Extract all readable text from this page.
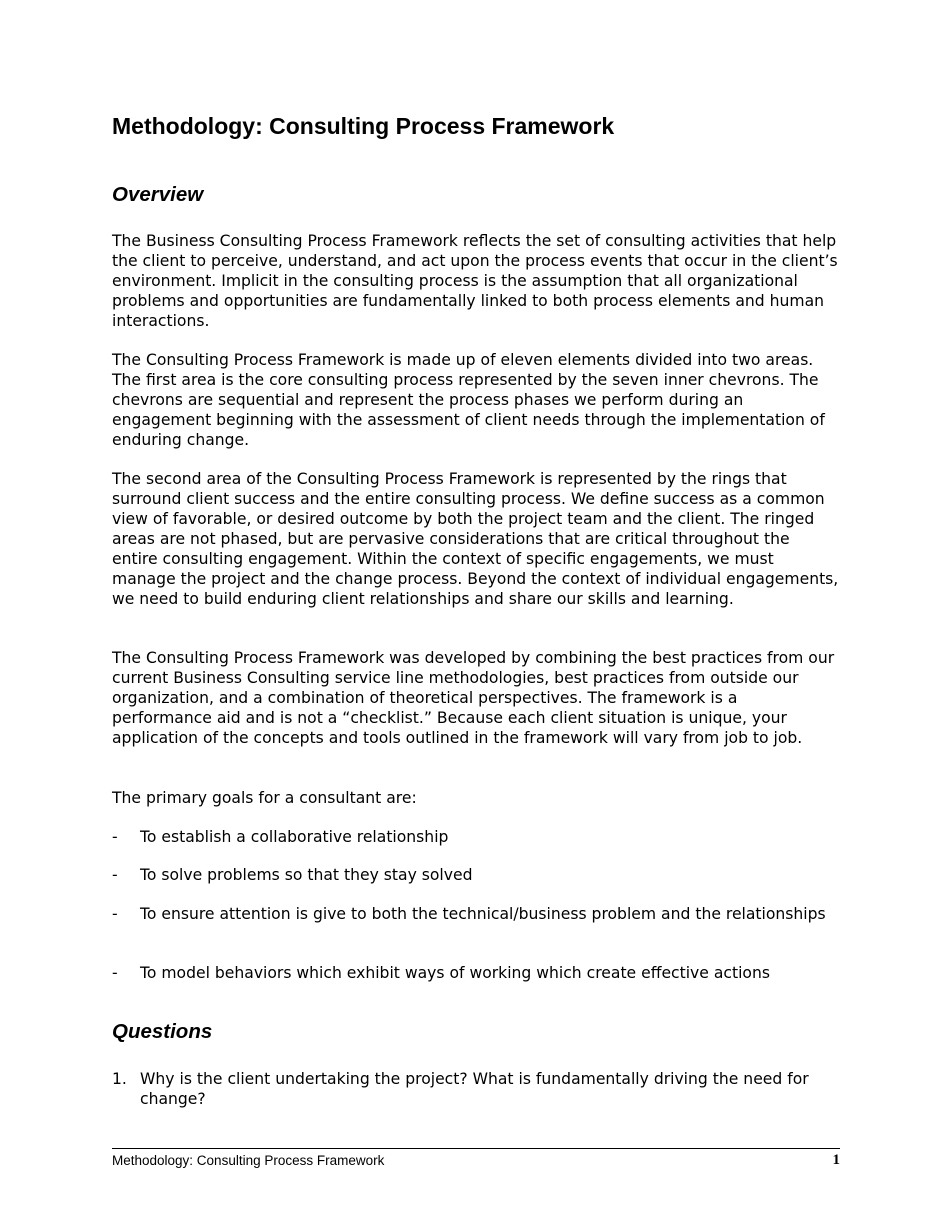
Methodology: Consulting Process Framework
Overview

The Business Consulting Process Framework reflects the set of consulting activities that help the client to perceive, understand, and act upon the process events that occur in the client’s environment. Implicit in the consulting process is the assumption that all organizational problems and opportunities are fundamentally linked to both process elements and human interactions.

The Consulting Process Framework is made up of eleven elements divided into two areas. The first area is the core consulting process represented by the seven inner chevrons. The chevrons are sequential and represent the process phases we perform during an engagement beginning with the assessment of client needs through the implementation of enduring change.

The second area of the Consulting Process Framework is represented by the rings that surround client success and the entire consulting process. We define success as a common view of favorable, or desired outcome by both the project team and the client. The ringed areas are not phased, but are pervasive considerations that are critical throughout the entire consulting engagement. Within the context of specific engagements, we must manage the project and the change process. Beyond the context of individual engagements, we need to build enduring client relationships and share our skills and learning.

The Consulting Process Framework was developed by combining the best practices from our current Business Consulting service line methodologies, best practices from outside our organization, and a combination of theoretical perspectives. The framework is a performance aid and is not a “checklist.” Because each client situation is unique, your application of the concepts and tools outlined in the framework will vary from job to job.

The primary goals for a consultant are:

- To establish a collaborative relationship
- To solve problems so that they stay solved
- To ensure attention is give to both the technical/business problem and the relationships
- To model behaviors which exhibit ways of working which create effective actions
Questions
1. Why is the client undertaking the project? What is fundamentally driving the need for change?
Methodology: Consulting Process Framework	1
